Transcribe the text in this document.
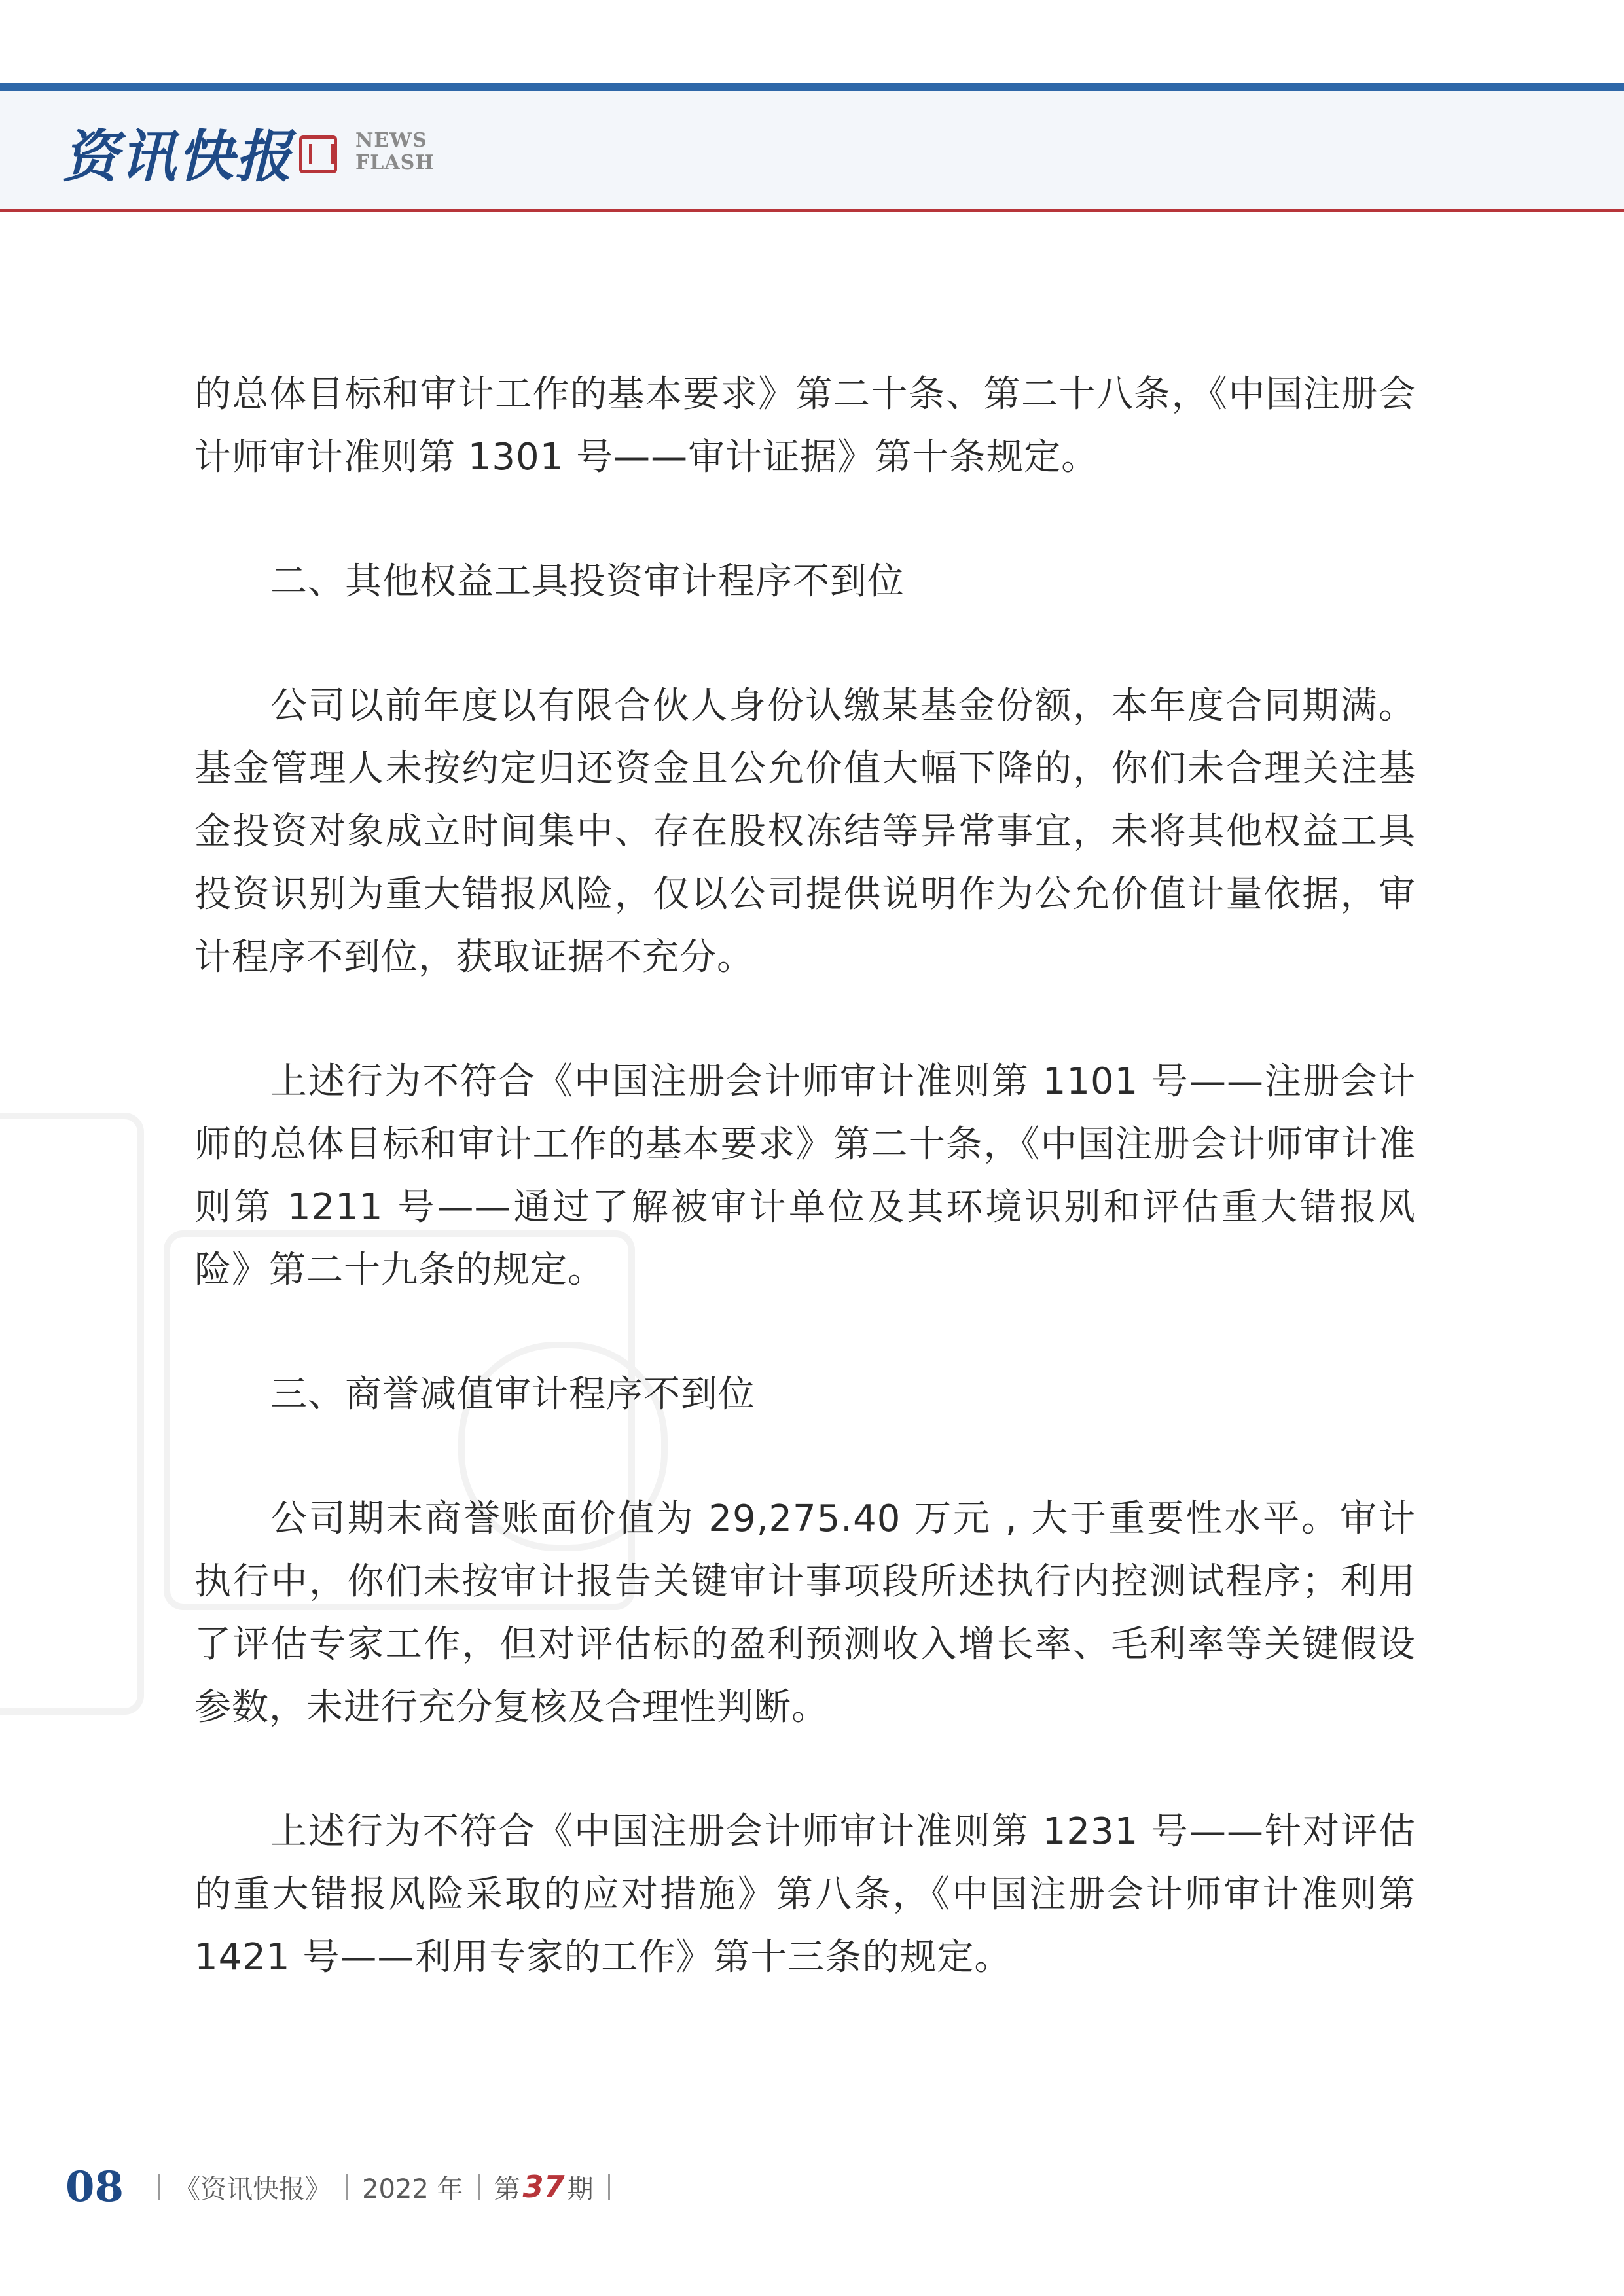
资讯快报	NEWS
FLASH

的总体目标和审计工作的基本要求》第二十条、第二十八条，《中国注册会计师审计准则第 1301 号——审计证据》第十条规定。

二、其他权益工具投资审计程序不到位

公司以前年度以有限合伙人身份认缴某基金份额，本年度合同期满。基金管理人未按约定归还资金且公允价值大幅下降的，你们未合理关注基金投资对象成立时间集中、存在股权冻结等异常事宜，未将其他权益工具投资识别为重大错报风险，仅以公司提供说明作为公允价值计量依据，审计程序不到位，获取证据不充分。

上述行为不符合《中国注册会计师审计准则第 1101 号——注册会计师的总体目标和审计工作的基本要求》第二十条，《中国注册会计师审计准则第 1211 号——通过了解被审计单位及其环境识别和评估重大错报风险》第二十九条的规定。

三、商誉减值审计程序不到位

公司期末商誉账面价值为 29,275.40 万元 , 大于重要性水平。审计执行中，你们未按审计报告关键审计事项段所述执行内控测试程序；利用了评估专家工作，但对评估标的盈利预测收入增长率、毛利率等关键假设参数，未进行充分复核及合理性判断。

上述行为不符合《中国注册会计师审计准则第 1231 号——针对评估的重大错报风险采取的应对措施》第八条，《中国注册会计师审计准则第 1421 号——利用专家的工作》第十三条的规定。

08 《资讯快报》 2022 年 第 37 期
